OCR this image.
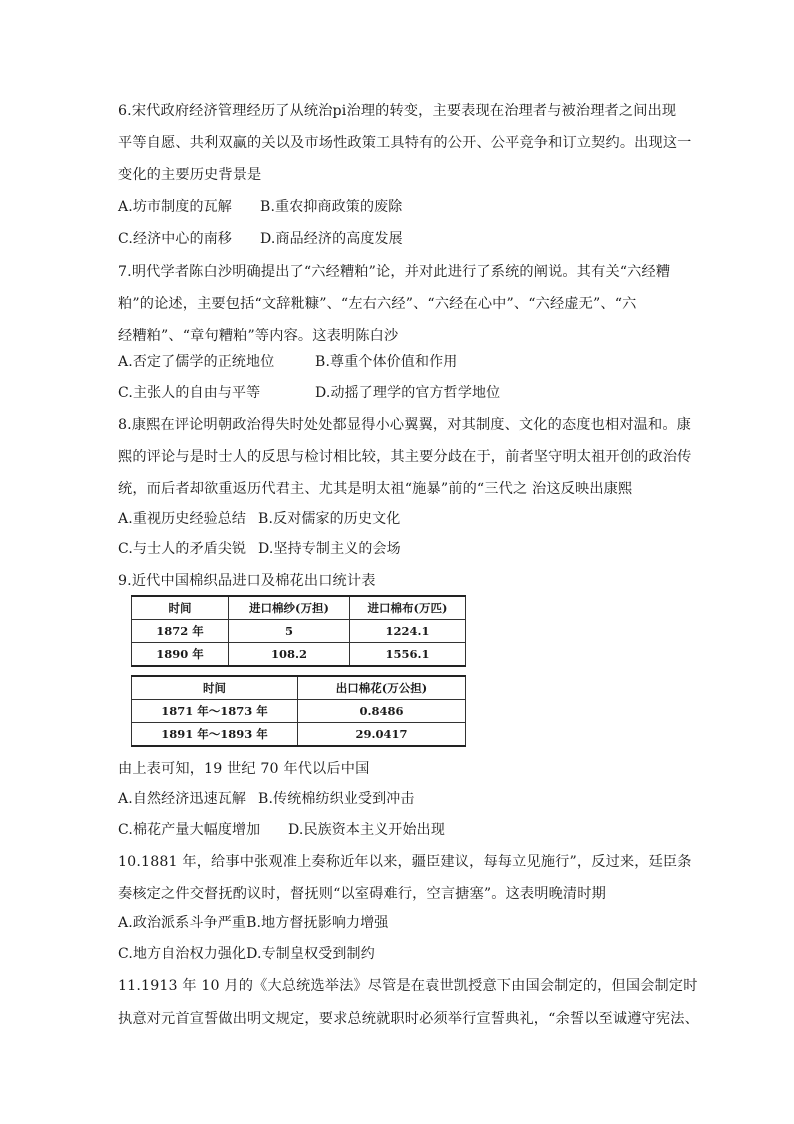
6.宋代政府经济管理经历了从统治pi治理的转变，主要表现在治理者与被治理者之间出现
平等自愿、共利双赢的关以及市场性政策工具特有的公开、公平竞争和订立契约。出现这一
变化的主要历史背景是
A.坊市制度的瓦解 B.重农抑商政策的废除
C.经济中心的南移 D.商品经济的高度发展
7.明代学者陈白沙明确提出了“六经糟粕”论，并对此进行了系统的阐说。其有关“六经糟
粕”的论述，主要包括“文辞粃糠”、“左右六经”、“六经在心中”、“六经虚无”、“六
经糟粕”、“章句糟粕”等内容。这表明陈白沙
A.否定了儒学的正统地位	B.尊重个体价值和作用
C.主张人的自由与平等	D.动摇了理学的官方哲学地位
8.康熙在评论明朝政治得失时处处都显得小心翼翼，对其制度、文化的态度也相对温和。康
熙的评论与是时士人的反思与检讨相比较，其主要分歧在于，前者坚守明太祖开创的政治传
统，而后者却欲重返历代君主、尤其是明太祖“施暴”前的“三代之 治这反映出康熙
A.重视历史经验总结 B.反对儒家的历史文化
C.与士人的矛盾尖锐 D.坚持专制主义的会场
9.近代中国棉织品进口及棉花出口统计表
时间	进口棉纱(万担)	进口棉布(万匹)
1872 年	5	1224.1
1890 年	108.2	1556.1
时间	出口棉花(万公担)
1871 年～1873 年	0.8486
1891 年～1893 年	29.0417
由上表可知，19 世纪 70 年代以后中国
A.自然经济迅速瓦解 B.传统棉纺织业受到冲击
C.棉花产量大幅度增加 D.民族资本主义开始出现
10.1881 年，给事中张观准上奏称近年以来，疆臣建议，每每立见施行”，反过来，廷臣条
奏核定之件交督抚酌议时，督抚则“以室碍难行，空言搪塞”。这表明晚清时期
A.政治派系斗争严重B.地方督抚影响力增强
C.地方自治权力强化D.专制皇权受到制约
11.1913 年 10 月的《大总统选举法》尽管是在袁世凯授意下由国会制定的，但国会制定时
执意对元首宣誓做出明文规定，要求总统就职时必须举行宣誓典礼，“余誓以至诚遵守宪法、
